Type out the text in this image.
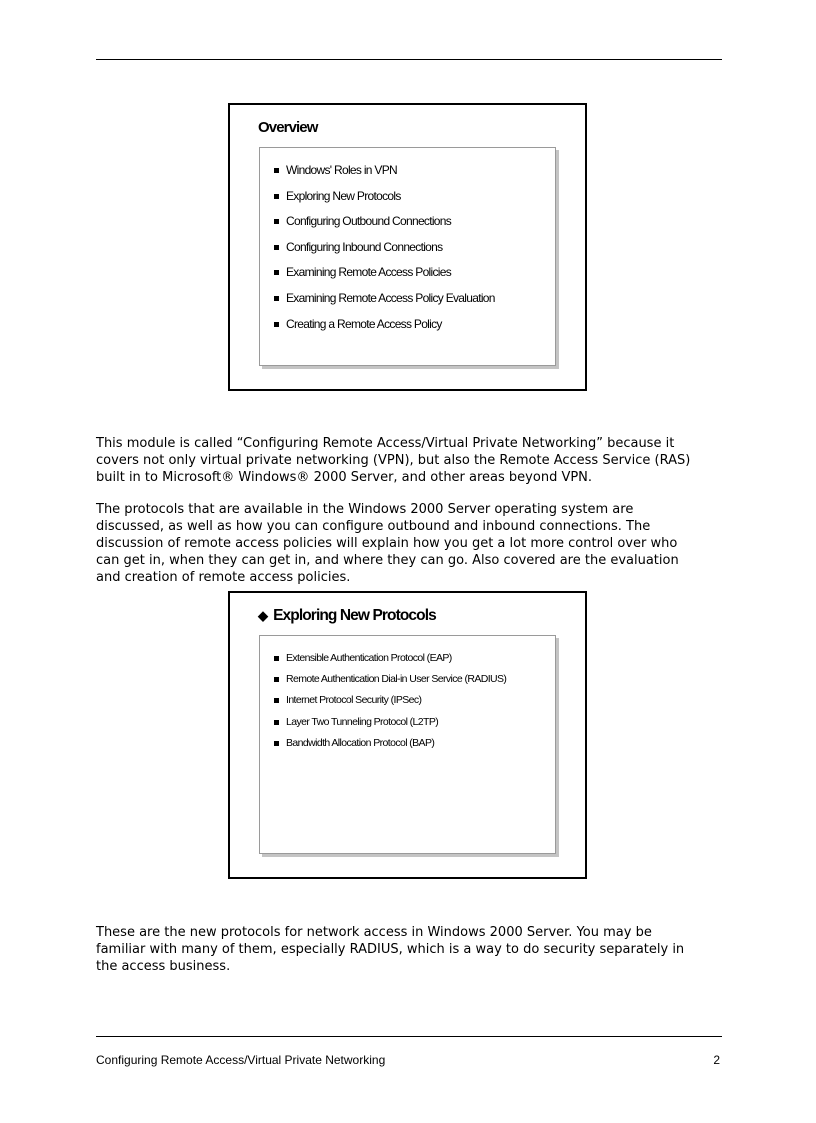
Overview
Windows' Roles in VPN
Exploring New Protocols
Configuring Outbound Connections
Configuring Inbound Connections
Examining Remote Access Policies
Examining Remote Access Policy Evaluation
Creating a Remote Access Policy
This module is called “Configuring Remote Access/Virtual Private Networking” because it
covers not only virtual private networking (VPN), but also the Remote Access Service (RAS)
built in to Microsoft® Windows® 2000 Server, and other areas beyond VPN.
The protocols that are available in the Windows 2000 Server operating system are
discussed, as well as how you can configure outbound and inbound connections. The
discussion of remote access policies will explain how you get a lot more control over who
can get in, when they can get in, and where they can go. Also covered are the evaluation
and creation of remote access policies.
◆ Exploring New Protocols
Extensible Authentication Protocol (EAP)
Remote Authentication Dial-in User Service (RADIUS)
Internet Protocol Security (IPSec)
Layer Two Tunneling Protocol (L2TP)
Bandwidth Allocation Protocol (BAP)
These are the new protocols for network access in Windows 2000 Server. You may be
familiar with many of them, especially RADIUS, which is a way to do security separately in
the access business.
Configuring Remote Access/Virtual Private Networking	2
